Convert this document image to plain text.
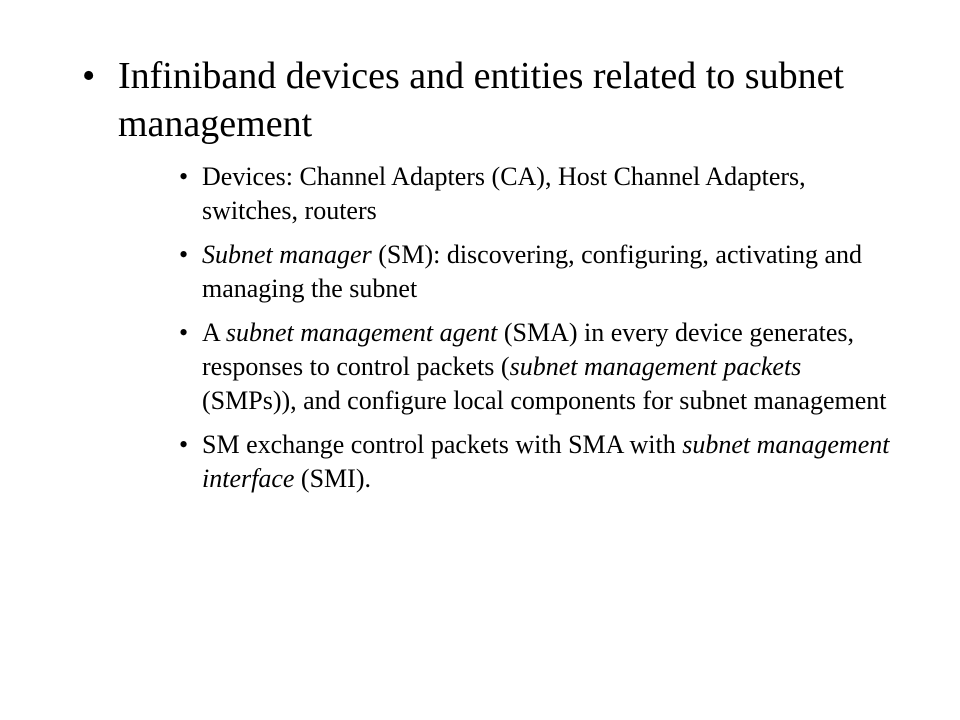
• Infiniband devices and entities related to subnet management
• Devices: Channel Adapters (CA), Host Channel Adapters, switches, routers
• Subnet manager (SM): discovering, configuring, activating and managing the subnet
• A subnet management agent (SMA) in every device generates, responses to control packets (subnet management packets (SMPs)), and configure local components for subnet management
• SM exchange control packets with SMA with subnet management interface (SMI).
